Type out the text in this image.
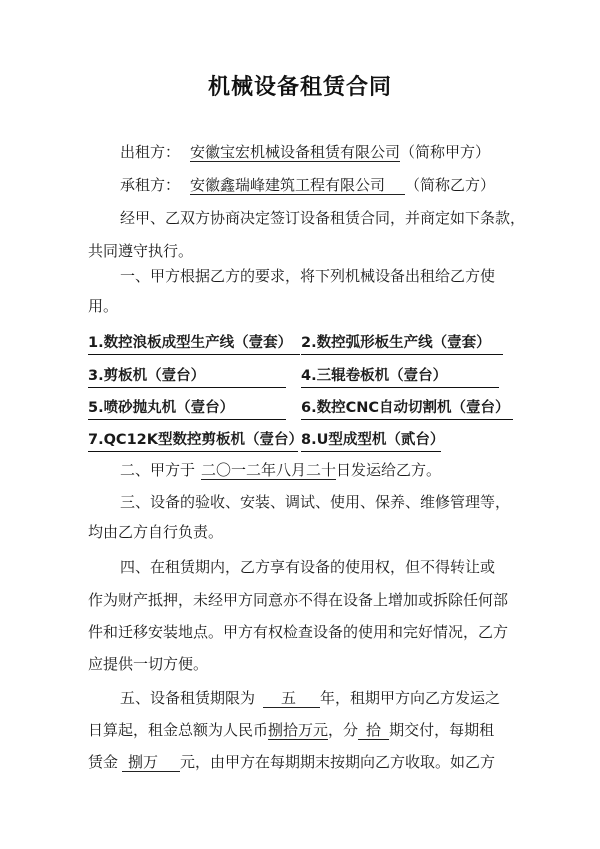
机械设备租赁合同
出租方： 安徽宝宏机械设备租赁有限公司（简称甲方）
承租方： 安徽鑫瑞峰建筑工程有限公司 （简称乙方）
经甲、乙双方协商决定签订设备租赁合同，并商定如下条款，
共同遵守执行。
一、甲方根据乙方的要求，将下列机械设备出租给乙方使
用。
1.数控浪板成型生产线（壹套） 2.数控弧形板生产线（壹套）
3.剪板机（壹台）	4.三辊卷板机（壹台）
5.喷砂抛丸机（壹台）	6.数控CNC自动切割机（壹台）
7.QC12K型数控剪板机（壹台）
8.U型成型机（贰台）
二、甲方于 二〇一二年八月二十日发运给乙方。
三、设备的验收、安装、调试、使用、保养、维修管理等，
均由乙方自行负责。
四、在租赁期内，乙方享有设备的使用权，但不得转让或
作为财产抵押，未经甲方同意亦不得在设备上增加或拆除任何部
件和迁移安装地点。甲方有权检查设备的使用和完好情况，乙方
应提供一切方便。
五、设备租赁期限为 五 年，租期甲方向乙方发运之
日算起，租金总额为人民币捌拾万元，分 拾 期交付，每期租
赁金 捌万 元，由甲方在每期期末按期向乙方收取。如乙方
